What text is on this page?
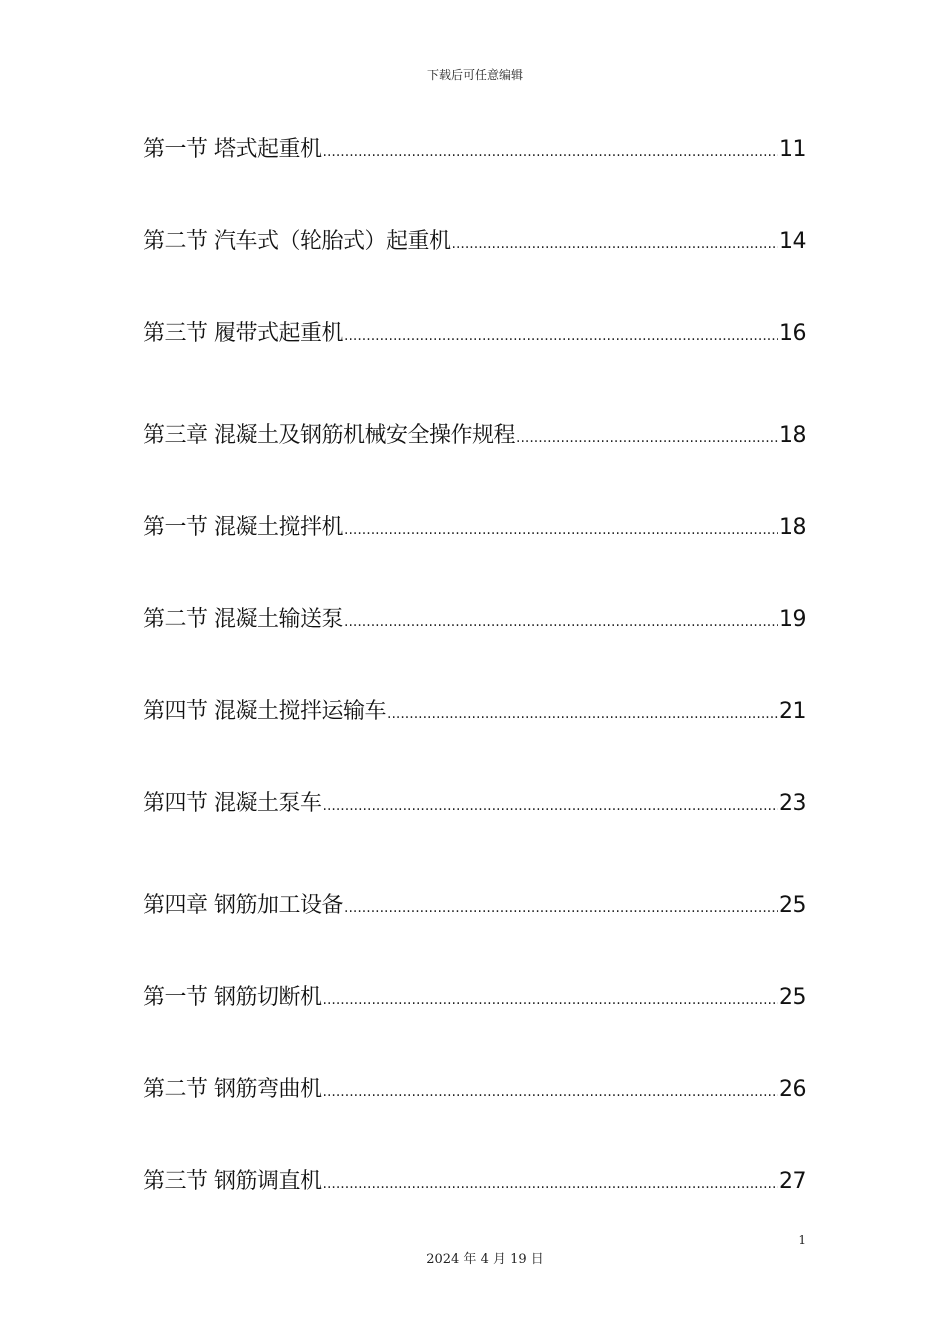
下载后可任意编辑
第一节 塔式起重机 .....	11
第二节 汽车式（轮胎式）起重机 .....	14
第三节 履带式起重机 .....	16
第三章 混凝土及钢筋机械安全操作规程 .....	18
第一节 混凝土搅拌机 .....	18
第二节 混凝土输送泵 .....	19
第四节 混凝土搅拌运输车 .....	21
第四节 混凝土泵车 .....	23
第四章 钢筋加工设备 .....	25
第一节 钢筋切断机 .....	25
第二节 钢筋弯曲机 .....	26
第三节 钢筋调直机 .....	27
1
2024 年 4 月 19 日
